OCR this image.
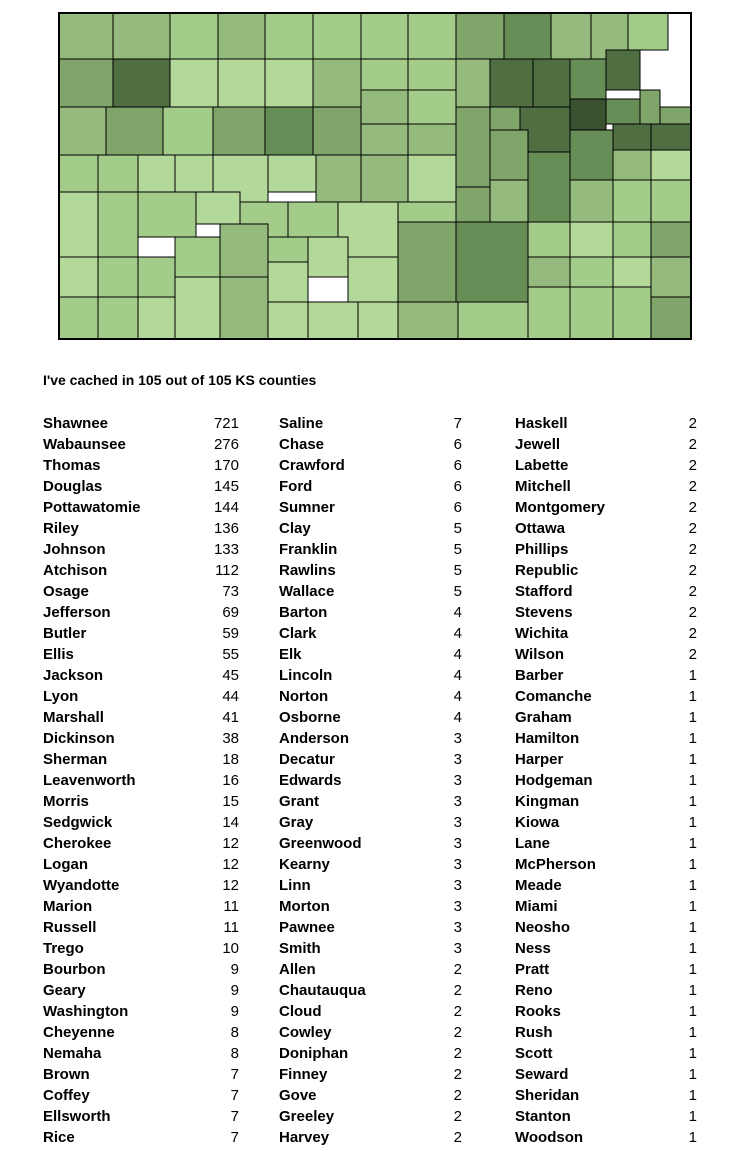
I've cached in 105 out of 105 KS counties

Shawnee	721
Wabaunsee	276
Thomas	170
Douglas	145
Pottawatomie	144
Riley	136
Johnson	133
Atchison	112
Osage	73
Jefferson	69
Butler	59
Ellis	55
Jackson	45
Lyon	44
Marshall	41
Dickinson	38
Sherman	18
Leavenworth	16
Morris	15
Sedgwick	14
Cherokee	12
Logan	12
Wyandotte	12
Marion	11
Russell	11
Trego	10
Bourbon	9
Geary	9
Washington	9
Cheyenne	8
Nemaha	8
Brown	7
Coffey	7
Ellsworth	7
Rice	7
Saline	7
Chase	6
Crawford	6
Ford	6
Sumner	6
Clay	5
Franklin	5
Rawlins	5
Wallace	5
Barton	4
Clark	4
Elk	4
Lincoln	4
Norton	4
Osborne	4
Anderson	3
Decatur	3
Edwards	3
Grant	3
Gray	3
Greenwood	3
Kearny	3
Linn	3
Morton	3
Pawnee	3
Smith	3
Allen	2
Chautauqua	2
Cloud	2
Cowley	2
Doniphan	2
Finney	2
Gove	2
Greeley	2
Harvey	2
Haskell	2
Jewell	2
Labette	2
Mitchell	2
Montgomery	2
Ottawa	2
Phillips	2
Republic	2
Stafford	2
Stevens	2
Wichita	2
Wilson	2
Barber	1
Comanche	1
Graham	1
Hamilton	1
Harper	1
Hodgeman	1
Kingman	1
Kiowa	1
Lane	1
McPherson	1
Meade	1
Miami	1
Neosho	1
Ness	1
Pratt	1
Reno	1
Rooks	1
Rush	1
Scott	1
Seward	1
Sheridan	1
Stanton	1
Woodson	1
